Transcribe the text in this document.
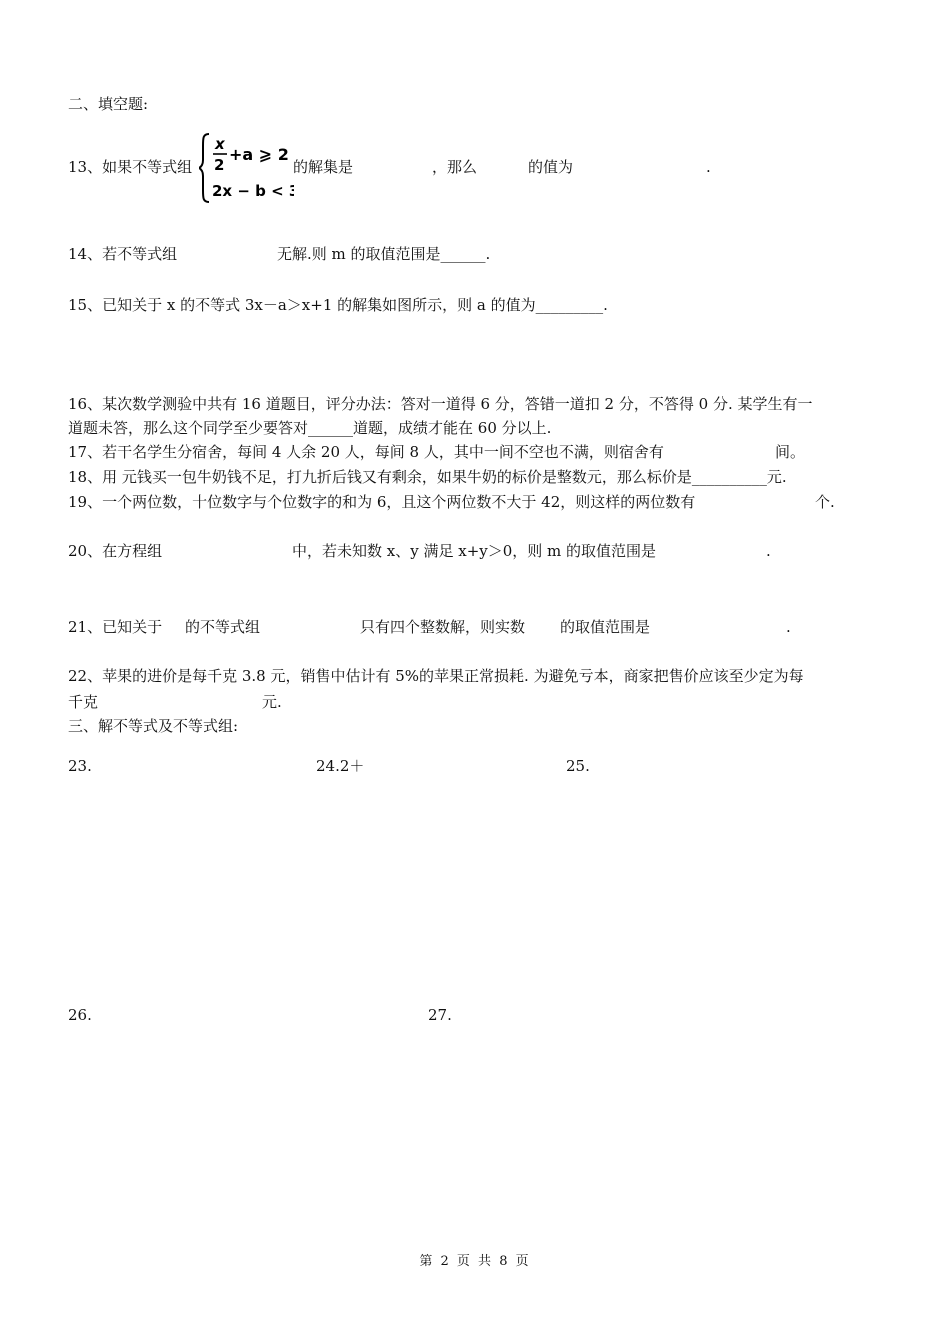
二、填空题:
13、如果不等式组
x
2
+a ⩾ 2
2x − b < 3
的解集是	，那么	的值为	.
14、若不等式组	无解.则 m 的取值范围是______.
15、已知关于 x 的不等式 3x－a＞x+1 的解集如图所示，则 a 的值为_________.
16、某次数学测验中共有 16 道题目，评分办法：答对一道得 6 分，答错一道扣 2 分，不答得 0 分. 某学生有一
道题未答，那么这个同学至少要答对______道题，成绩才能在 60 分以上.
17、若干名学生分宿舍，每间 4 人余 20 人，每间 8 人，其中一间不空也不满，则宿舍有	间。
18、用 元钱买一包牛奶钱不足，打九折后钱又有剩余，如果牛奶的标价是整数元，那么标价是__________元.
19、一个两位数，十位数字与个位数字的和为 6，且这个两位数不大于 42，则这样的两位数有	个.
20、在方程组	中，若未知数 x、y 满足 x+y＞0，则 m 的取值范围是	.
21、已知关于 的不等式组	只有四个整数解，则实数 的取值范围是	.
22、苹果的进价是每千克 3.8 元，销售中估计有 5%的苹果正常损耗. 为避免亏本，商家把售价应该至少定为每
千克	元.
三、解不等式及不等式组:
23.	24.2＋	25.
26.	27.
第 2 页 共 8 页
